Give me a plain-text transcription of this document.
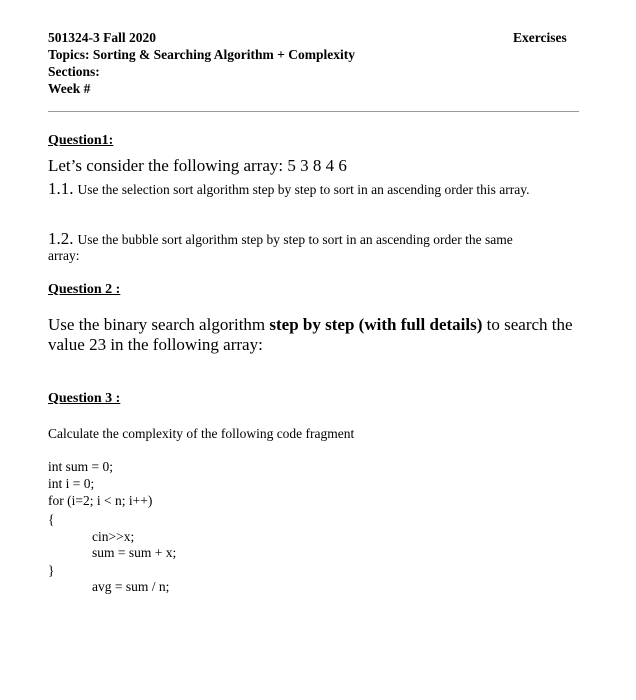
501324-3 Fall 2020
Topics: Sorting & Searching Algorithm + Complexity
Sections:
Week #
Exercises
Question1:
Let’s consider the following array: 5 3 8 4 6
1.1. Use the selection sort algorithm step by step to sort in an ascending order this array.
1.2. Use the bubble sort algorithm step by step to sort in an ascending order the same
array:
Question 2 :
Use the binary search algorithm step by step (with full details) to search the
value 23 in the following array:
Question 3 :
Calculate the complexity of the following code fragment
int sum = 0;
int i = 0;
for (i=2; i < n; i++)
{
cin>>x;
sum = sum + x;
}
avg = sum / n;
